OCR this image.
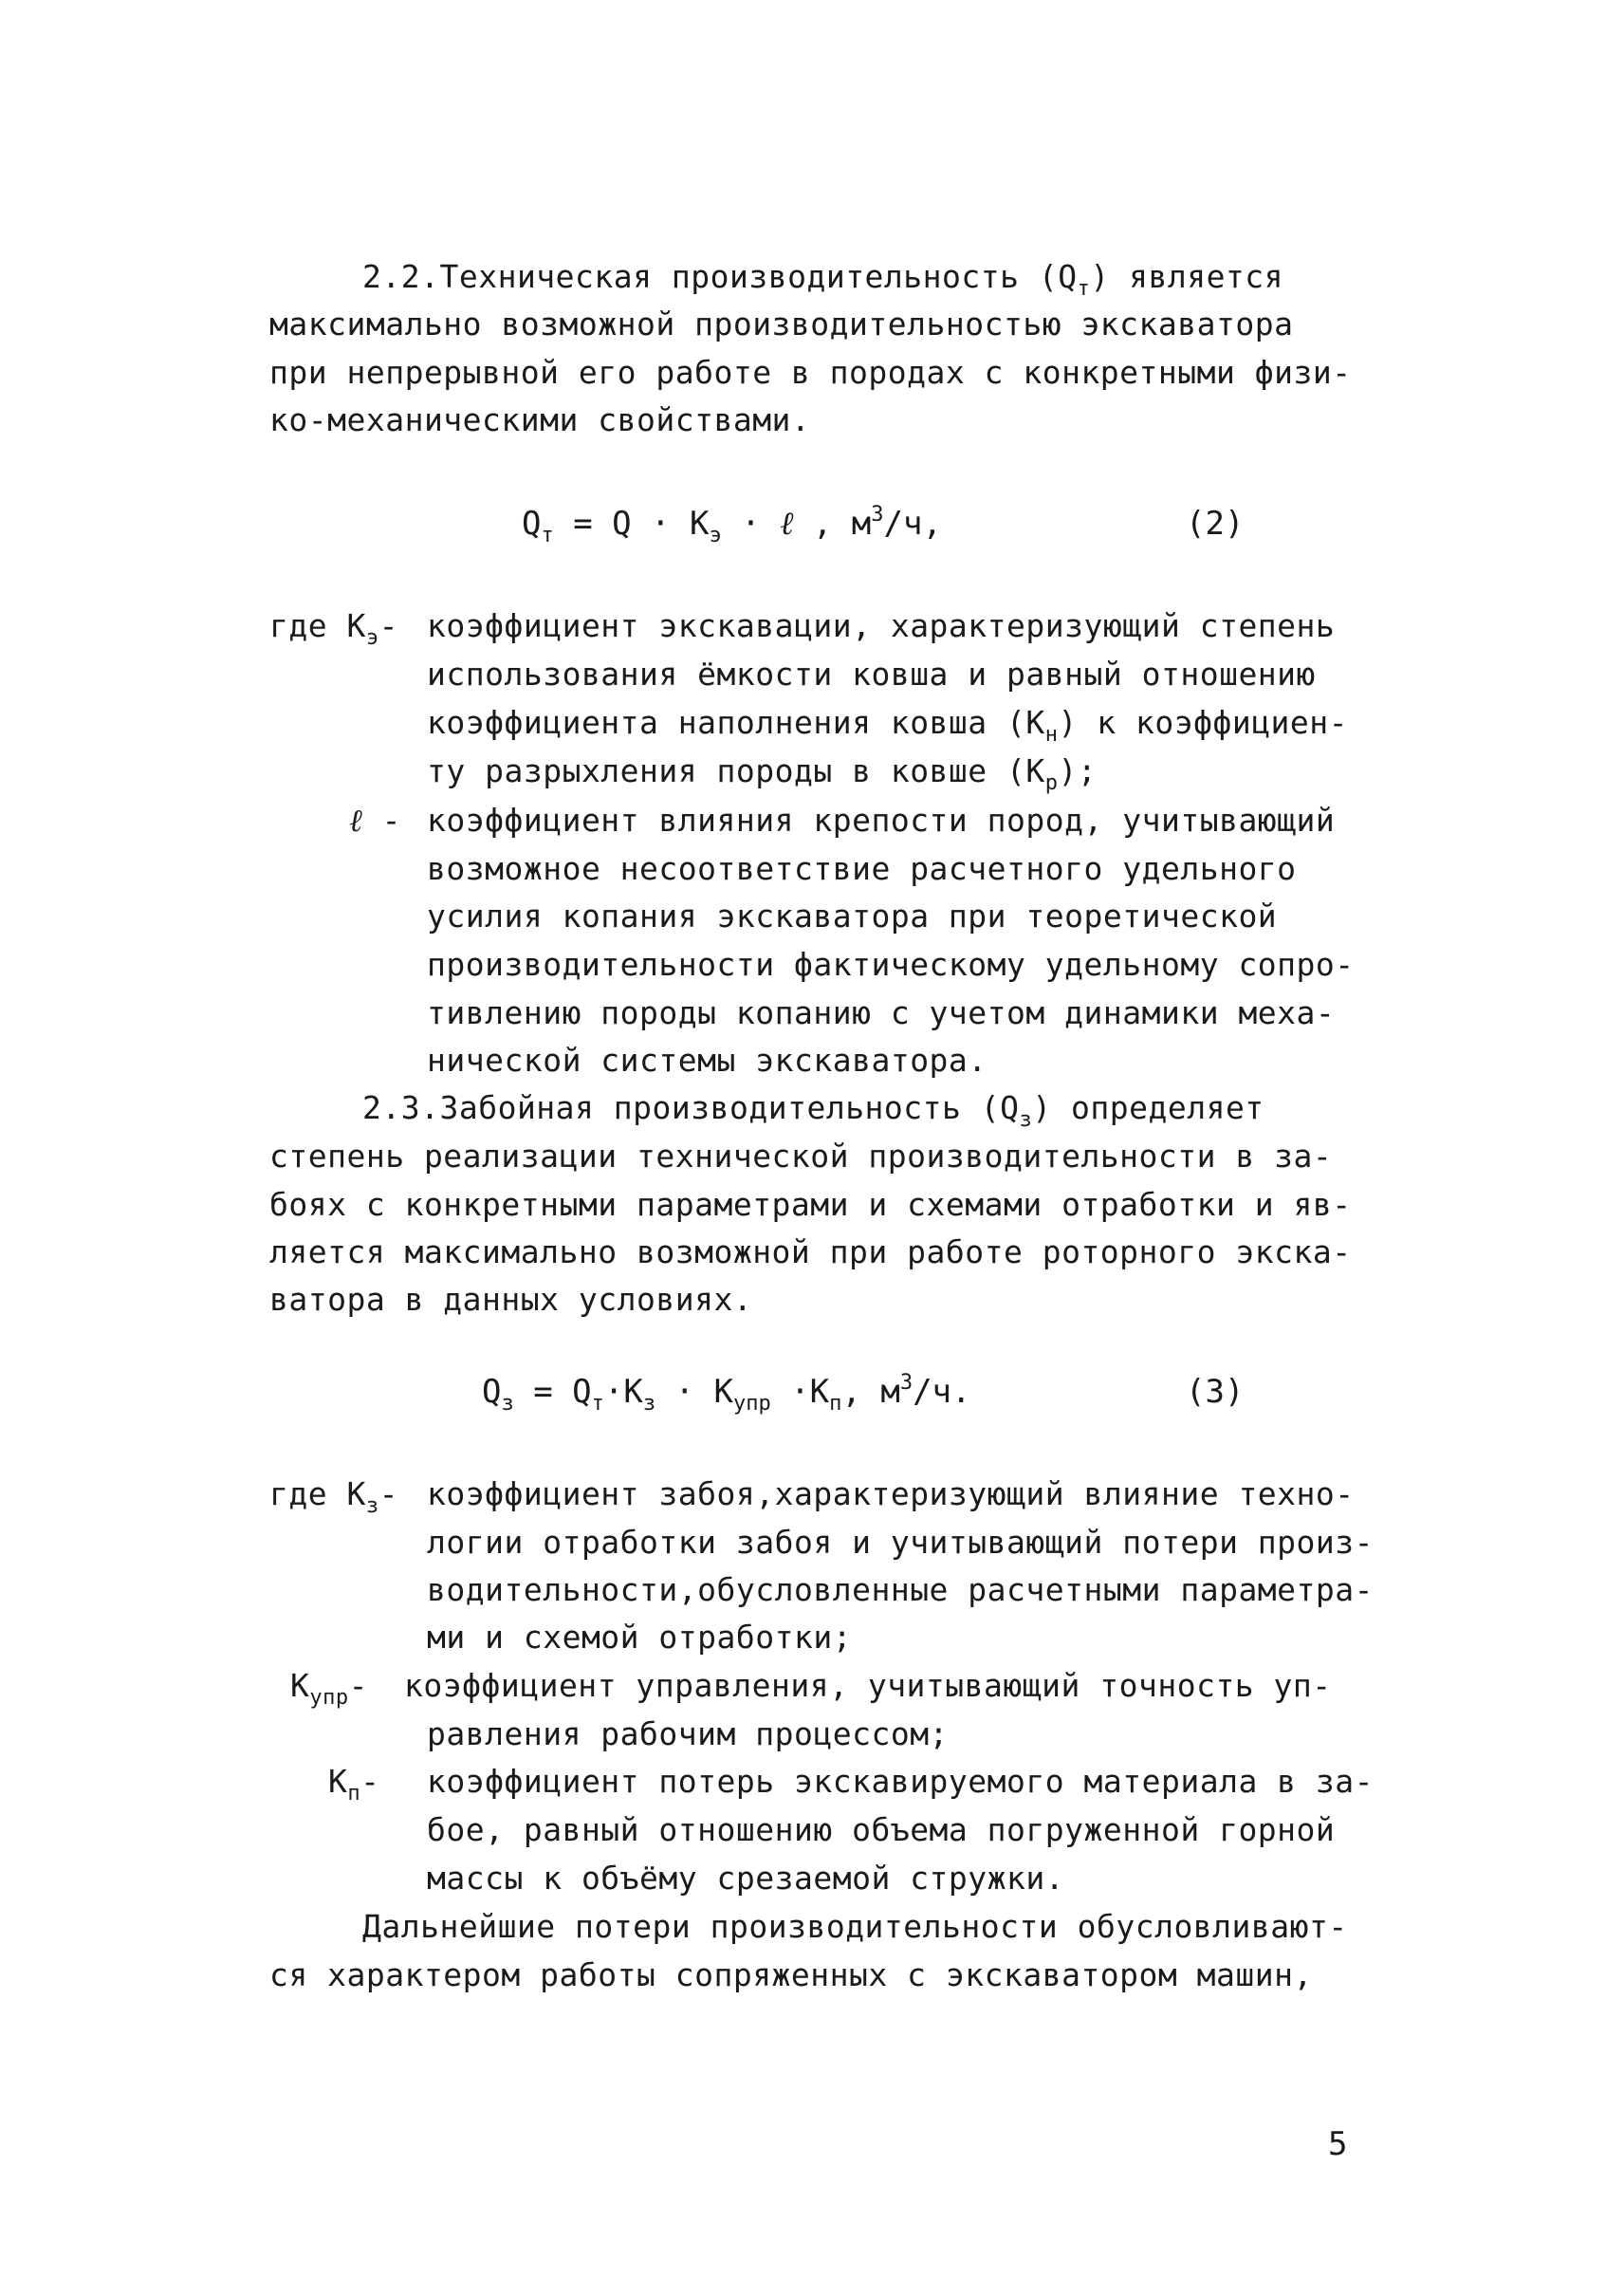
2.2.Техническая производительность $(Q_т)$ является
максимально возможной производительностью экскаватора
при непрерывной его работе в породах с конкретными физи-
ко-механическими свойствами.
$Q_т = Q \cdot K_э$ · ℓ , $м^3/ч$,	(2)
где $K_э-$ коэффициент экскавации, характеризующий степень
использования ёмкости ковша и равный отношению
коэффициента наполнения ковша $(K_н)$ к коэффициен-
ту разрыхления породы в ковше $(K_р)$;
ℓ - коэффициент влияния крепости пород, учитывающий
возможное несоответствие расчетного удельного
усилия копания экскаватора при теоретической
производительности фактическому удельному сопро-
тивлению породы копанию с учетом динамики меха-
нической системы экскаватора.
2.3.Забойная производительность $(Q_з)$ определяет
степень реализации технической производительности в за-
боях с конкретными параметрами и схемами отработки и яв-
ляется максимально возможной при работе роторного экска-
ватора в данных условиях.
$Q_з = Q_т\cdot K_з \cdot K_{упр} \cdot K_п$, $м^3/ч$.	(3)
где $K_з-$ коэффициент забоя,характеризующий влияние техно-
логии отработки забоя и учитывающий потери произ-
водительности,обусловленные расчетными параметра-
ми и схемой отработки;
$K_{упр}-$ коэффициент управления, учитывающий точность уп-
равления рабочим процессом;
$K_п-$ коэффициент потерь экскавируемого материала в за-
бое, равный отношению объема погруженной горной
массы к объёму срезаемой стружки.
Дальнейшие потери производительности обусловливают-
ся характером работы сопряженных с экскаватором машин,
5
